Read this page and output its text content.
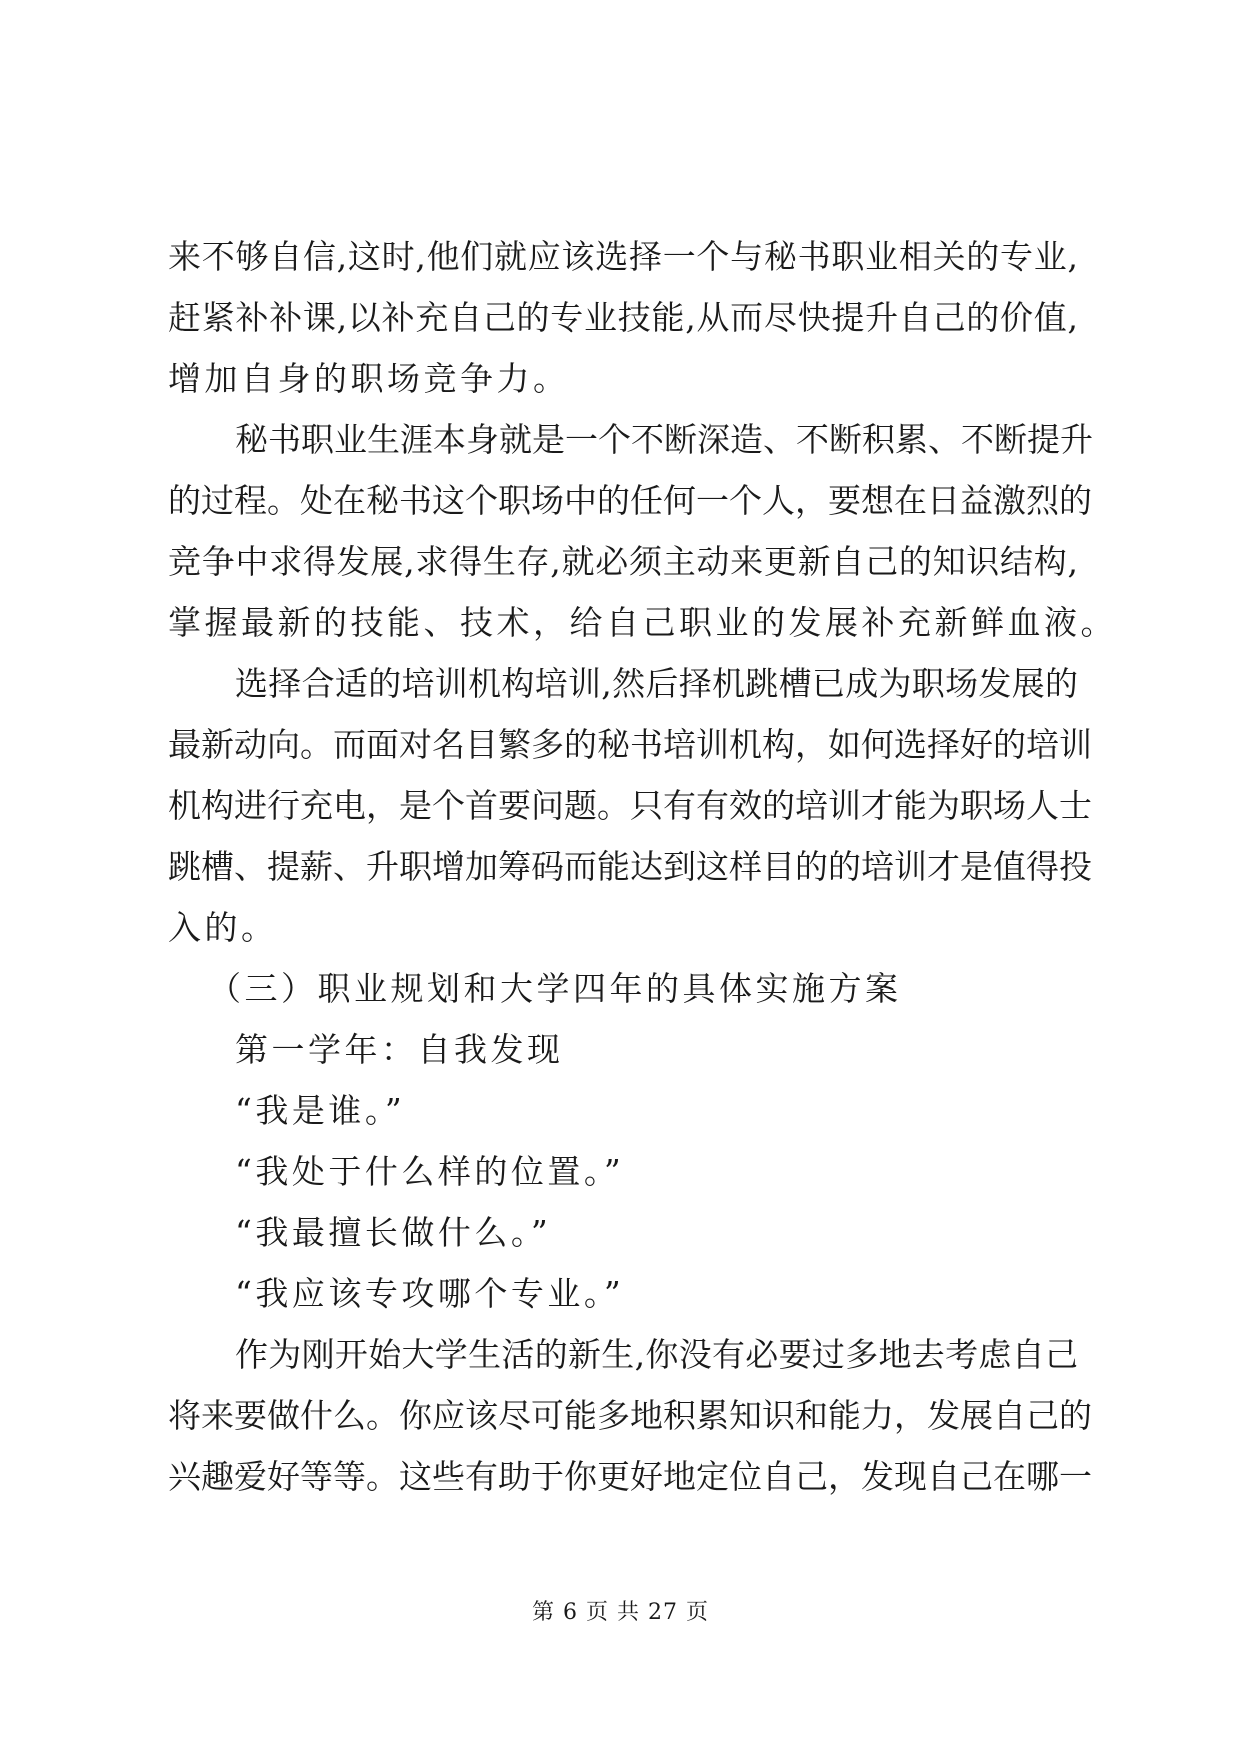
来不够自信,这时,他们就应该选择一个与秘书职业相关的专业,
赶紧补补课,以补充自己的专业技能,从而尽快提升自己的价值,
增加自身的职场竞争力。
秘书职业生涯本身就是一个不断深造、不断积累、不断提升
的过程。处在秘书这个职场中的任何一个人，要想在日益激烈的
竞争中求得发展,求得生存,就必须主动来更新自己的知识结构,
掌握最新的技能、技术，给自己职业的发展补充新鲜血液。
选择合适的培训机构培训,然后择机跳槽已成为职场发展的
最新动向。而面对名目繁多的秘书培训机构，如何选择好的培训
机构进行充电，是个首要问题。只有有效的培训才能为职场人士
跳槽、提薪、升职增加筹码而能达到这样目的的培训才是值得投
入的。
（三）职业规划和大学四年的具体实施方案
第一学年：自我发现
“我是谁。”
“我处于什么样的位置。”
“我最擅长做什么。”
“我应该专攻哪个专业。”
作为刚开始大学生活的新生,你没有必要过多地去考虑自己
将来要做什么。你应该尽可能多地积累知识和能力，发展自己的
兴趣爱好等等。这些有助于你更好地定位自己，发现自己在哪一
第 6 页 共 27 页
